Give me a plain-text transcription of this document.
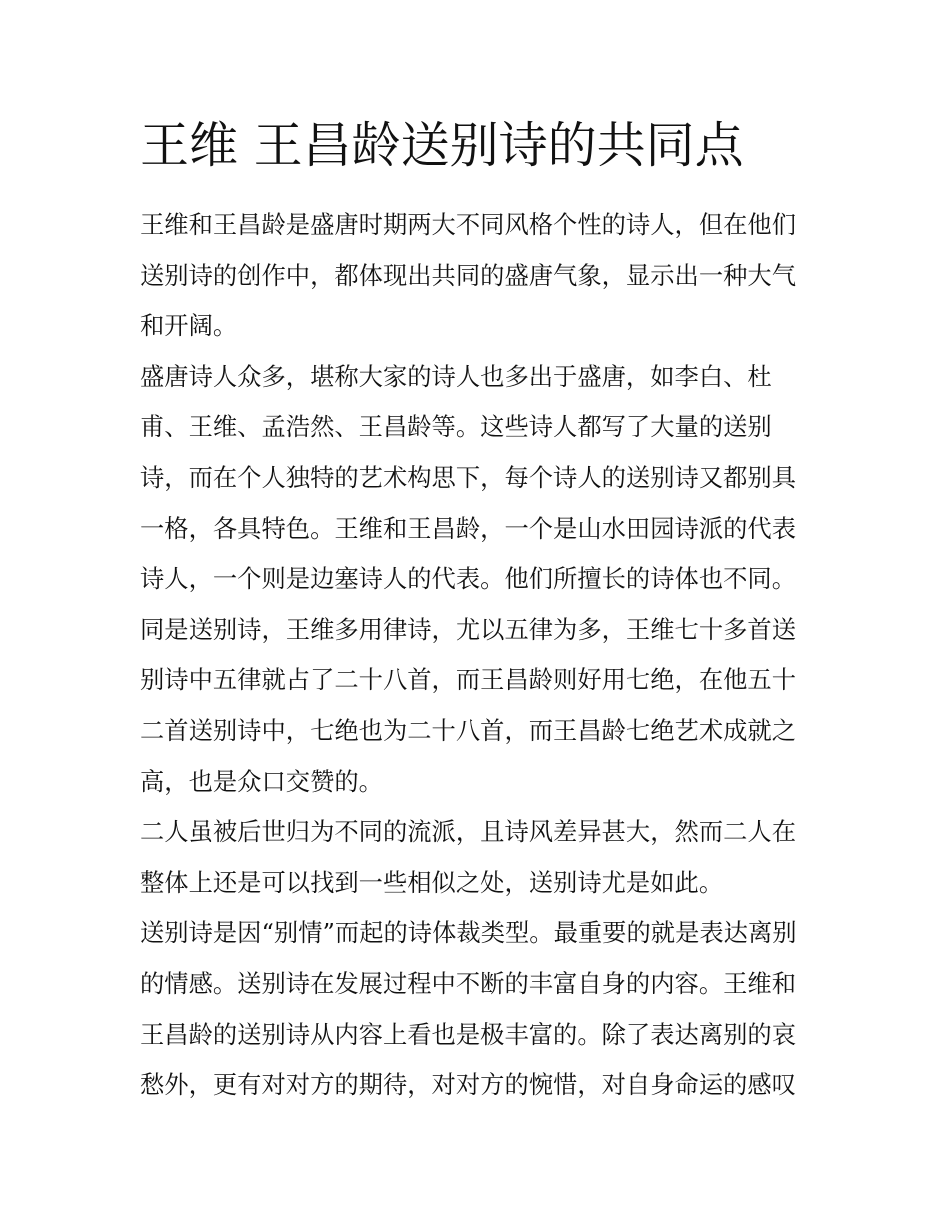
王维 王昌龄送别诗的共同点
王维和王昌龄是盛唐时期两大不同风格个性的诗人，但在他们
送别诗的创作中，都体现出共同的盛唐气象，显示出一种大气
和开阔。
盛唐诗人众多，堪称大家的诗人也多出于盛唐，如李白、杜
甫、王维、孟浩然、王昌龄等。这些诗人都写了大量的送别
诗，而在个人独特的艺术构思下，每个诗人的送别诗又都别具
一格，各具特色。王维和王昌龄，一个是山水田园诗派的代表
诗人，一个则是边塞诗人的代表。他们所擅长的诗体也不同。
同是送别诗，王维多用律诗，尤以五律为多，王维七十多首送
别诗中五律就占了二十八首，而王昌龄则好用七绝，在他五十
二首送别诗中，七绝也为二十八首，而王昌龄七绝艺术成就之
高，也是众口交赞的。
二人虽被后世归为不同的流派，且诗风差异甚大，然而二人在
整体上还是可以找到一些相似之处，送别诗尤是如此。
送别诗是因“别情”而起的诗体裁类型。最重要的就是表达离别
的情感。送别诗在发展过程中不断的丰富自身的内容。王维和
王昌龄的送别诗从内容上看也是极丰富的。除了表达离别的哀
愁外，更有对对方的期待，对对方的惋惜，对自身命运的感叹
